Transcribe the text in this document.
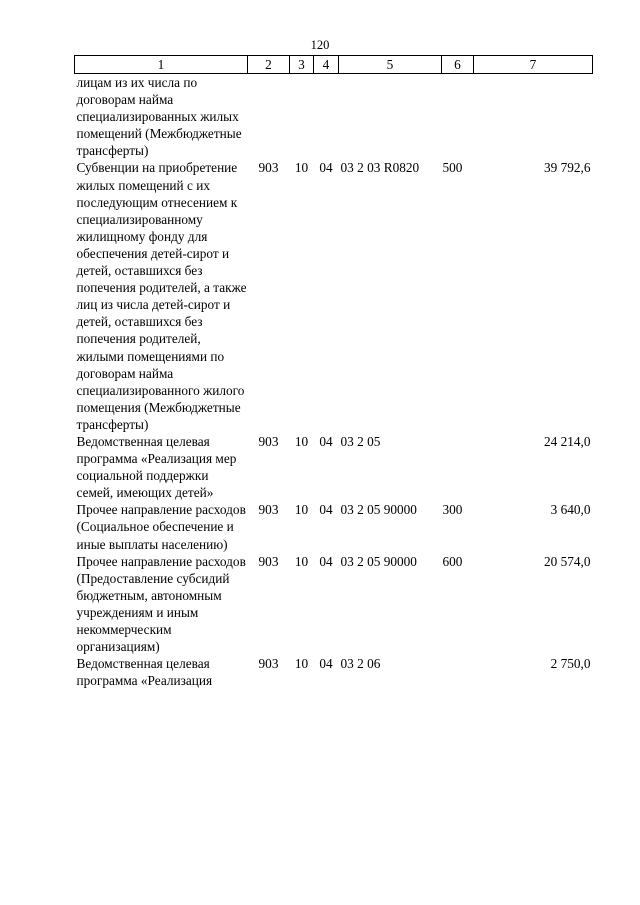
120
1	2	3	4	5	6	7
лицам из их числа по договорам найма специализированных жилых помещений (Межбюджетные трансферты)						
Субвенции на приобретение жилых помещений с их последующим отнесением к специализированному жилищному фонду для обеспечения детей-сирот и детей, оставшихся без попечения родителей, а также лиц из числа детей-сирот и детей, оставшихся без попечения родителей, жилыми помещениями по договорам найма специализированного жилого помещения (Межбюджетные трансферты)	903	10	04	03 2 03 R0820	500	39 792,6
Ведомственная целевая программа «Реализация мер социальной поддержки семей, имеющих детей»	903	10	04	03 2 05		24 214,0
Прочее направление расходов (Социальное обеспечение и иные выплаты населению)	903	10	04	03 2 05 90000	300	3 640,0
Прочее направление расходов (Предоставление субсидий бюджетным, автономным учреждениям и иным некоммерческим организациям)	903	10	04	03 2 05 90000	600	20 574,0
Ведомственная целевая программа «Реализация	903	10	04	03 2 06		2 750,0
